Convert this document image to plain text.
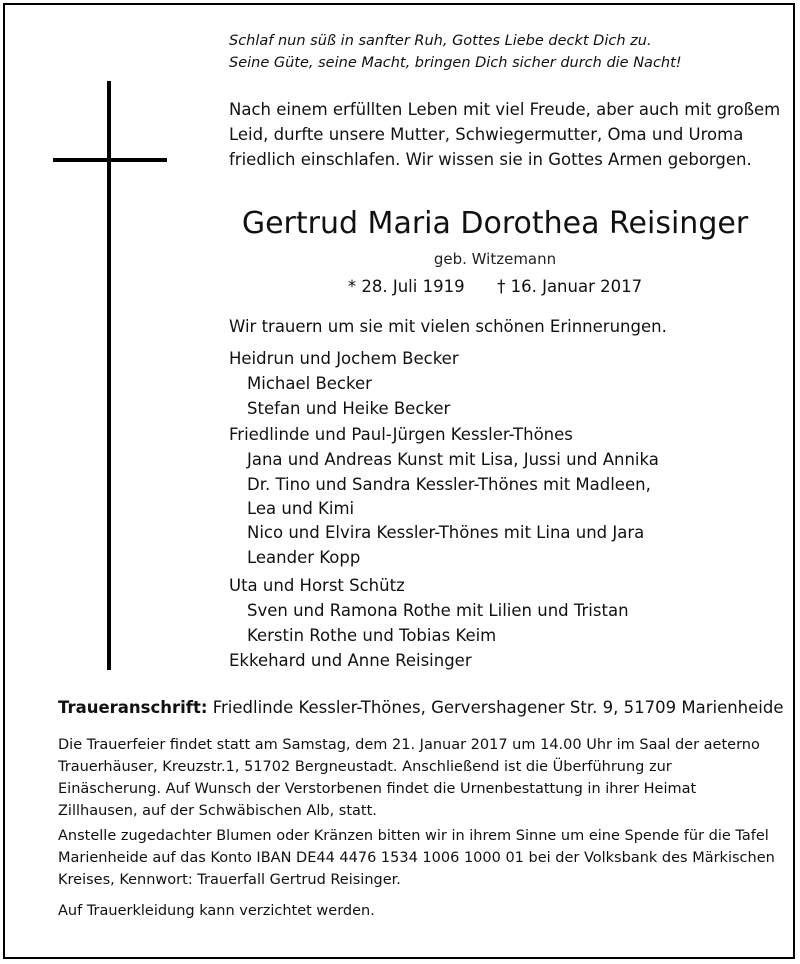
Schlaf nun süß in sanfter Ruh, Gottes Liebe deckt Dich zu.
Seine Güte, seine Macht, bringen Dich sicher durch die Nacht!
Nach einem erfüllten Leben mit viel Freude, aber auch mit großem
Leid, durfte unsere Mutter, Schwiegermutter, Oma und Uroma
friedlich einschlafen. Wir wissen sie in Gottes Armen geborgen.
Gertrud Maria Dorothea Reisinger
geb. Witzemann
* 28. Juli 1919 † 16. Januar 2017
Wir trauern um sie mit vielen schönen Erinnerungen.
Heidrun und Jochem Becker
Michael Becker
Stefan und Heike Becker
Friedlinde und Paul-Jürgen Kessler-Thönes
Jana und Andreas Kunst mit Lisa, Jussi und Annika
Dr. Tino und Sandra Kessler-Thönes mit Madleen,
Lea und Kimi
Nico und Elvira Kessler-Thönes mit Lina und Jara
Leander Kopp
Uta und Horst Schütz
Sven und Ramona Rothe mit Lilien und Tristan
Kerstin Rothe und Tobias Keim
Ekkehard und Anne Reisinger
Traueranschrift: Friedlinde Kessler-Thönes, Gervershagener Str. 9, 51709 Marienheide
Die Trauerfeier findet statt am Samstag, dem 21. Januar 2017 um 14.00 Uhr im Saal der aeterno Trauerhäuser, Kreuzstr.1, 51702 Bergneustadt. Anschließend ist die Überführung zur Einäscherung. Auf Wunsch der Verstorbenen findet die Urnenbestattung in ihrer Heimat Zillhausen, auf der Schwäbischen Alb, statt.
Anstelle zugedachter Blumen oder Kränzen bitten wir in ihrem Sinne um eine Spende für die Tafel Marienheide auf das Konto IBAN DE44 4476 1534 1006 1000 01 bei der Volksbank des Märkischen Kreises, Kennwort: Trauerfall Gertrud Reisinger.
Auf Trauerkleidung kann verzichtet werden.
